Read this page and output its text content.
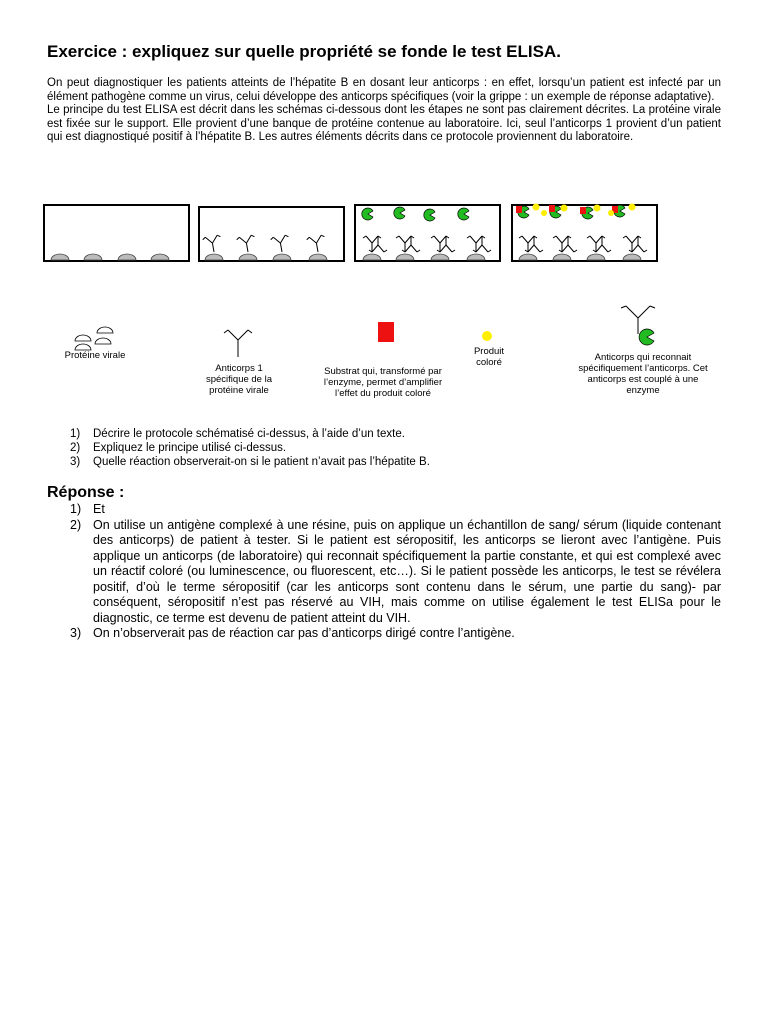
Exercice : expliquez sur quelle propriété se fonde le test ELISA.

On peut diagnostiquer les patients atteints de l’hépatite B en dosant leur anticorps : en effet, lorsqu’un patient est infecté par un élément pathogène comme un virus, celui développe des anticorps spécifiques (voir la grippe : un exemple de réponse adaptative).

Le principe du test ELISA est décrit dans les schémas ci-dessous dont les étapes ne sont pas clairement décrites. La protéine virale est fixée sur le support. Elle provient d’une banque de protéine contenue au laboratoire. Ici, seul l’anticorps 1 provient d’un patient qui est diagnostiqué positif à l’hépatite B. Les autres éléments décrits dans ce protocole proviennent du laboratoire.

Protéine virale
Anticorps 1 spécifique de la protéine virale
Substrat qui, transformé par l’enzyme, permet d’amplifier l’effet du produit coloré
Produit coloré	Anticorps qui reconnait spécifiquement l’anticorps. Cet anticorps est couplé à une enzyme
1) Décrire le protocole schématisé ci-dessus, à l’aide d’un texte.
2) Expliquez le principe utilisé ci-dessus.
3) Quelle réaction observerait-on si le patient n’avait pas l’hépatite B.
Réponse :
1) Et
2) On utilise un antigène complexé à une résine, puis on applique un échantillon de sang/ sérum (liquide contenant des anticorps) de patient à tester. Si le patient est séropositif, les anticorps se lieront avec l’antigène. Puis applique un anticorps (de laboratoire) qui reconnait spécifiquement la partie constante, et qui est complexé avec un réactif coloré (ou luminescence, ou fluorescent, etc…). Si le patient possède les anticorps, le test se révélera positif, d’où le terme séropositif (car les anticorps sont contenu dans le sérum, une partie du sang)- par conséquent, séropositif n’est pas réservé au VIH, mais comme on utilise également le test ELISa pour le diagnostic, ce terme est devenu de patient atteint du VIH.
3) On n’observerait pas de réaction car pas d’anticorps dirigé contre l’antigène.
